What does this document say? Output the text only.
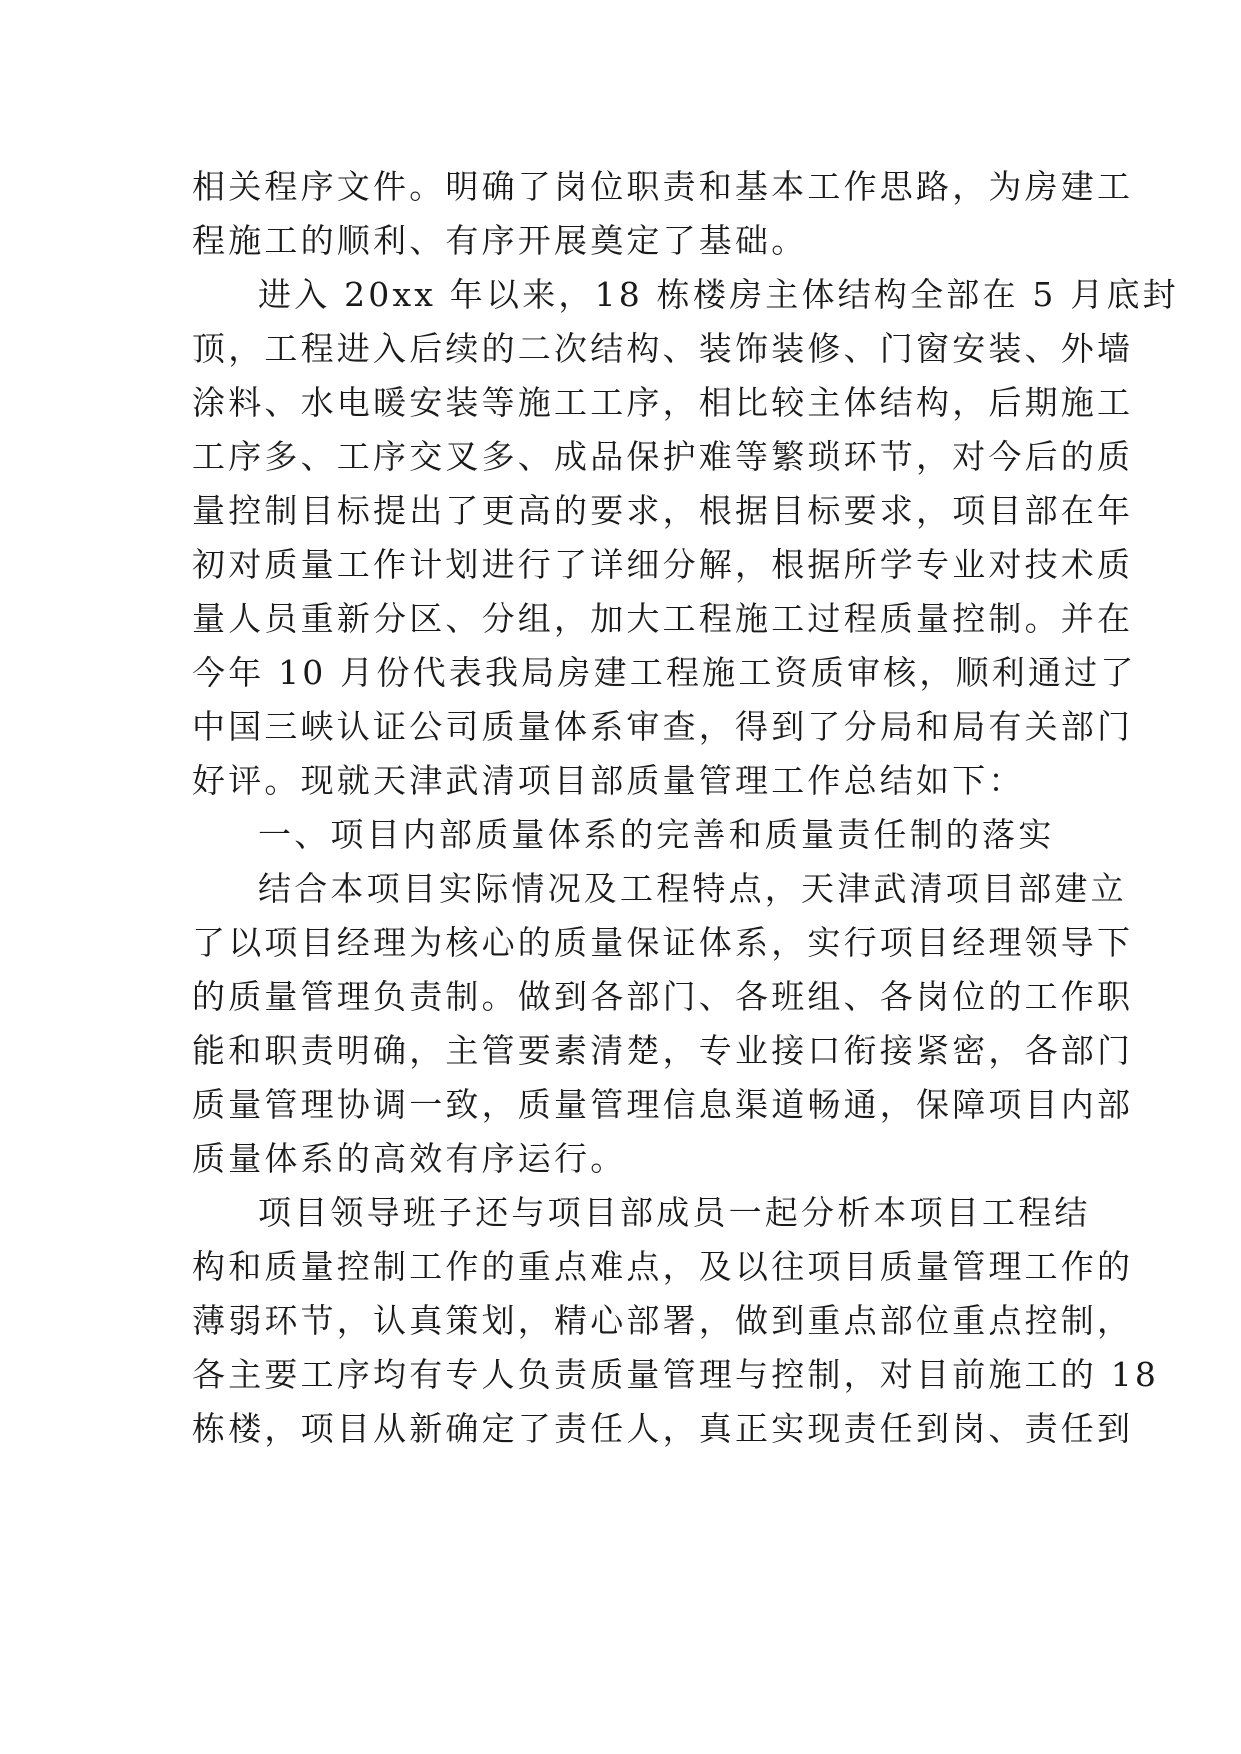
相关程序文件。明确了岗位职责和基本工作思路，为房建工
程施工的顺利、有序开展奠定了基础。
进入 20xx 年以来，18 栋楼房主体结构全部在 5 月底封
顶，工程进入后续的二次结构、装饰装修、门窗安装、外墙
涂料、水电暖安装等施工工序，相比较主体结构，后期施工
工序多、工序交叉多、成品保护难等繁琐环节，对今后的质
量控制目标提出了更高的要求，根据目标要求，项目部在年
初对质量工作计划进行了详细分解，根据所学专业对技术质
量人员重新分区、分组，加大工程施工过程质量控制。并在
今年 10 月份代表我局房建工程施工资质审核，顺利通过了
中国三峡认证公司质量体系审查，得到了分局和局有关部门
好评。现就天津武清项目部质量管理工作总结如下：
一、项目内部质量体系的完善和质量责任制的落实
结合本项目实际情况及工程特点，天津武清项目部建立
了以项目经理为核心的质量保证体系，实行项目经理领导下
的质量管理负责制。做到各部门、各班组、各岗位的工作职
能和职责明确，主管要素清楚，专业接口衔接紧密，各部门
质量管理协调一致，质量管理信息渠道畅通，保障项目内部
质量体系的高效有序运行。
项目领导班子还与项目部成员一起分析本项目工程结
构和质量控制工作的重点难点，及以往项目质量管理工作的
薄弱环节，认真策划，精心部署，做到重点部位重点控制，
各主要工序均有专人负责质量管理与控制，对目前施工的 18
栋楼，项目从新确定了责任人，真正实现责任到岗、责任到
